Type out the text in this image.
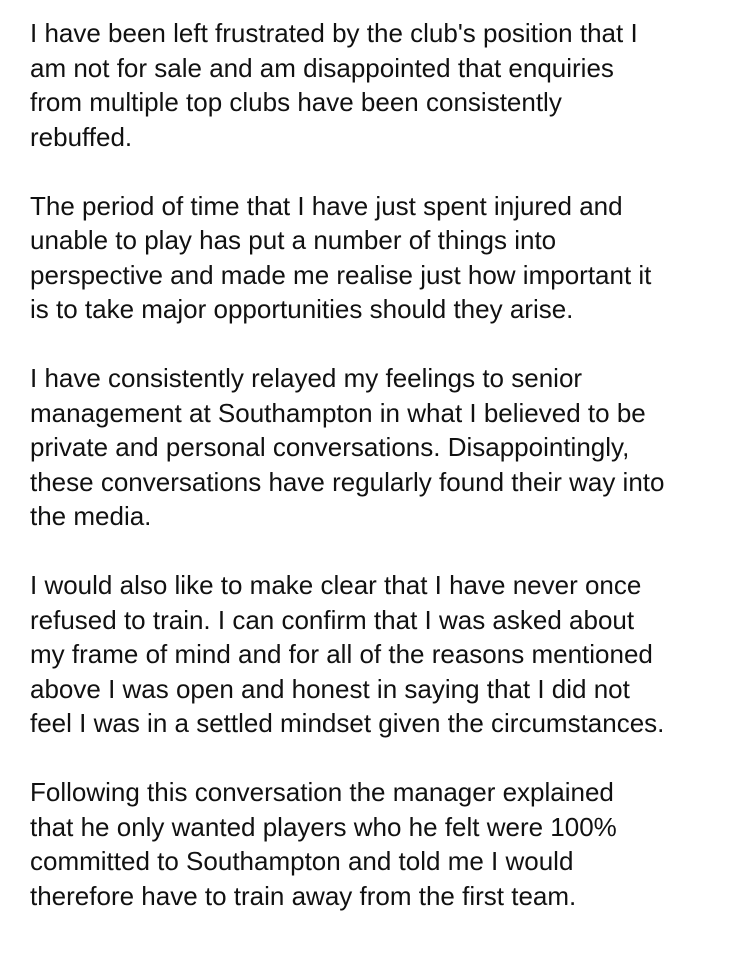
I have been left frustrated by the club's position that I
am not for sale and am disappointed that enquiries
from multiple top clubs have been consistently
rebuffed.

The period of time that I have just spent injured and
unable to play has put a number of things into
perspective and made me realise just how important it
is to take major opportunities should they arise.

I have consistently relayed my feelings to senior
management at Southampton in what I believed to be
private and personal conversations. Disappointingly,
these conversations have regularly found their way into
the media.

I would also like to make clear that I have never once
refused to train. I can confirm that I was asked about
my frame of mind and for all of the reasons mentioned
above I was open and honest in saying that I did not
feel I was in a settled mindset given the circumstances.

Following this conversation the manager explained
that he only wanted players who he felt were 100%
committed to Southampton and told me I would
therefore have to train away from the first team.
